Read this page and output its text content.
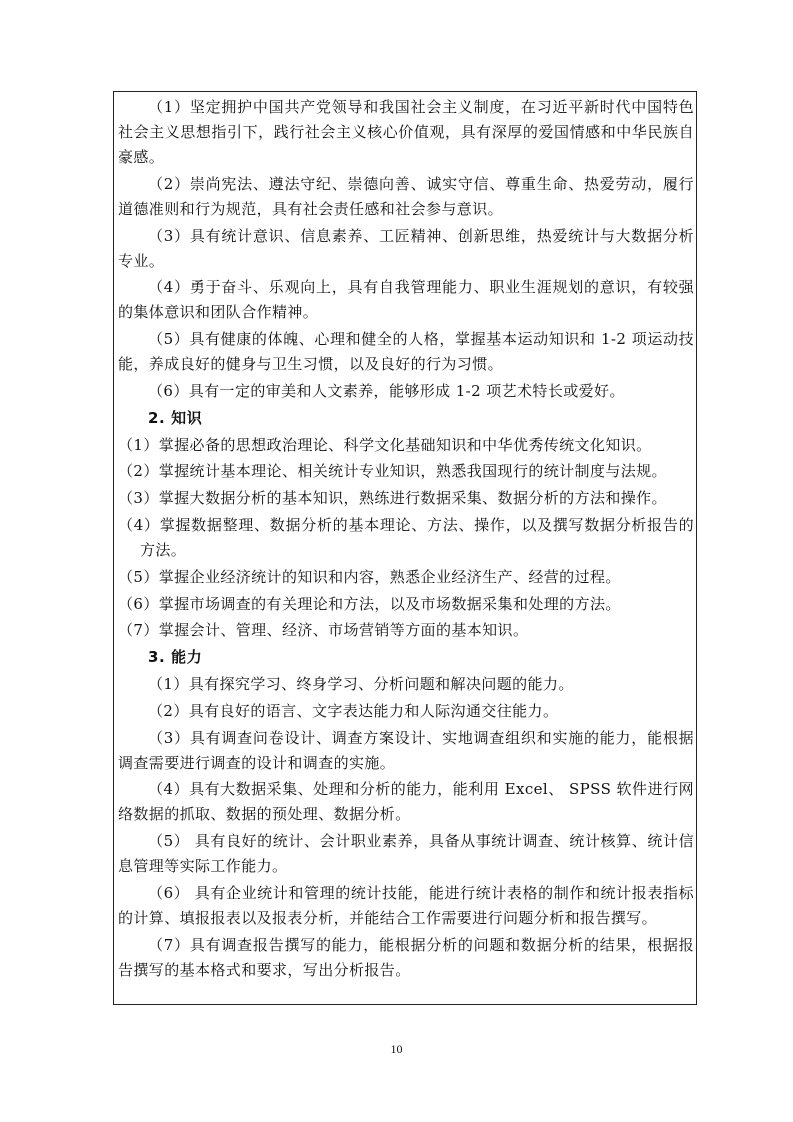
（1）坚定拥护中国共产党领导和我国社会主义制度，在习近平新时代中国特色社会主义思想指引下，践行社会主义核心价值观，具有深厚的爱国情感和中华民族自豪感。

（2）崇尚宪法、遵法守纪、崇德向善、诚实守信、尊重生命、热爱劳动，履行道德准则和行为规范，具有社会责任感和社会参与意识。

（3）具有统计意识、信息素养、工匠精神、创新思维，热爱统计与大数据分析专业。

（4）勇于奋斗、乐观向上，具有自我管理能力、职业生涯规划的意识，有较强的集体意识和团队合作精神。

（5）具有健康的体魄、心理和健全的人格，掌握基本运动知识和 1-2 项运动技能，养成良好的健身与卫生习惯，以及良好的行为习惯。

（6）具有一定的审美和人文素养，能够形成 1-2 项艺术特长或爱好。

2. 知识

（1）掌握必备的思想政治理论、科学文化基础知识和中华优秀传统文化知识。

（2）掌握统计基本理论、相关统计专业知识，熟悉我国现行的统计制度与法规。

（3）掌握大数据分析的基本知识，熟练进行数据采集、数据分析的方法和操作。

（4）掌握数据整理、数据分析的基本理论、方法、操作，以及撰写数据分析报告的方法。

（5）掌握企业经济统计的知识和内容，熟悉企业经济生产、经营的过程。

（6）掌握市场调查的有关理论和方法，以及市场数据采集和处理的方法。

（7）掌握会计、管理、经济、市场营销等方面的基本知识。

3. 能力

（1）具有探究学习、终身学习、分析问题和解决问题的能力。

（2）具有良好的语言、文字表达能力和人际沟通交往能力。

（3）具有调查问卷设计、调查方案设计、实地调查组织和实施的能力，能根据调查需要进行调查的设计和调查的实施。

（4）具有大数据采集、处理和分析的能力，能利用 Excel、 SPSS 软件进行网络数据的抓取、数据的预处理、数据分析。

（5） 具有良好的统计、会计职业素养，具备从事统计调查、统计核算、统计信息管理等实际工作能力。

（6） 具有企业统计和管理的统计技能，能进行统计表格的制作和统计报表指标的计算、填报报表以及报表分析，并能结合工作需要进行问题分析和报告撰写。

（7）具有调查报告撰写的能力，能根据分析的问题和数据分析的结果，根据报告撰写的基本格式和要求，写出分析报告。

10
